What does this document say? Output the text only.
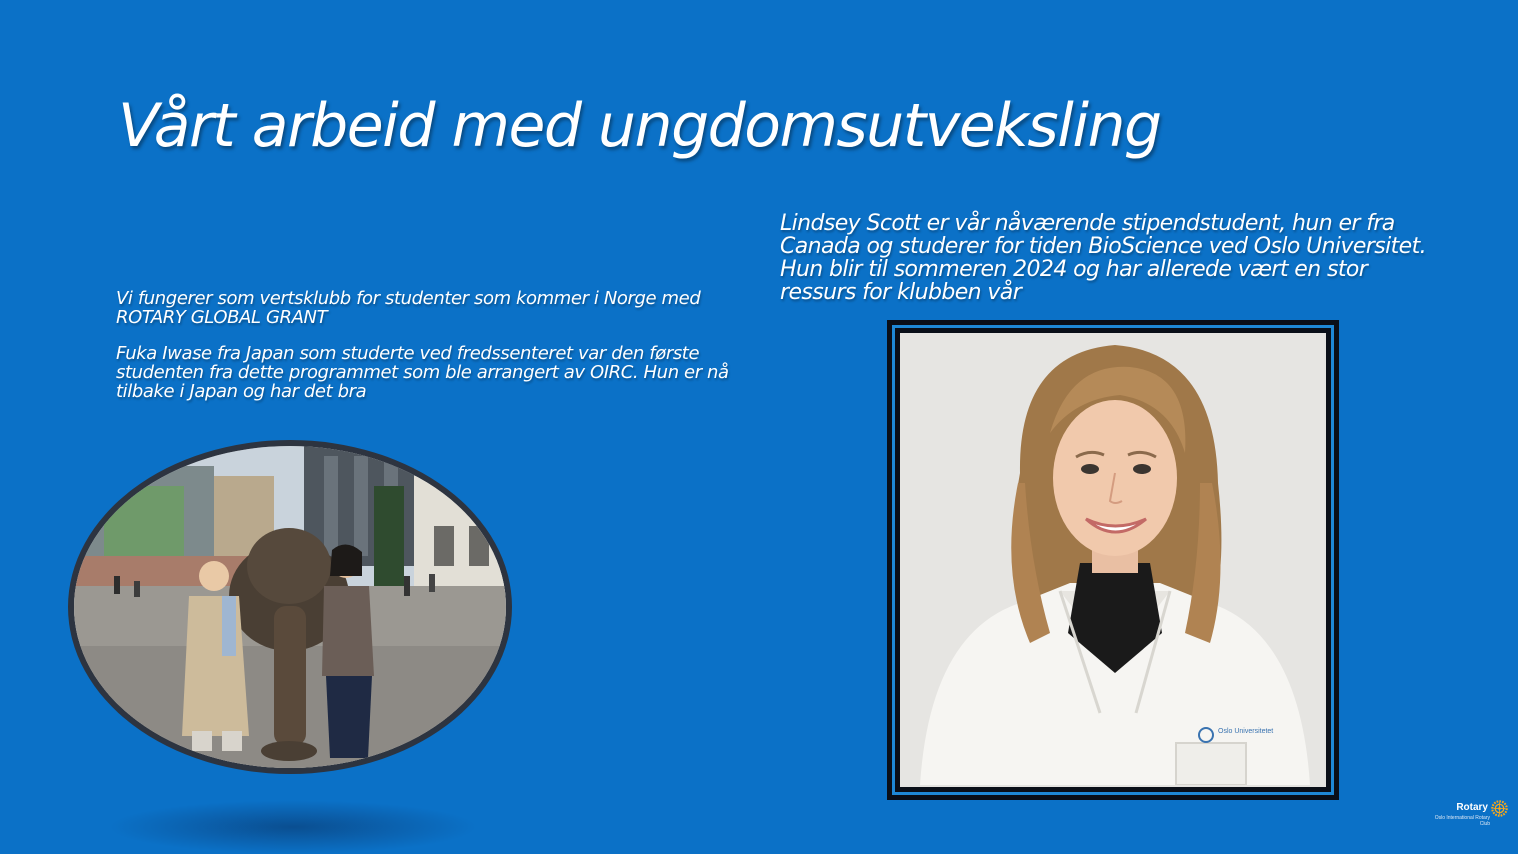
Vårt arbeid med ungdomsutveksling

Vi fungerer som vertsklubb for studenter som kommer i Norge med ROTARY GLOBAL GRANT

Fuka Iwase fra Japan som studerte ved fredssenteret var den første studenten fra dette programmet som ble arrangert av OIRC. Hun er nå tilbake i Japan og har det bra

Lindsey Scott er vår nåværende stipendstudent, hun er fra Canada og studerer for tiden BioScience ved Oslo Universitet. Hun blir til sommeren 2024 og har allerede vært en stor ressurs for klubben vår
Oslo Universitetet
Rotary
Oslo International Rotary Club
